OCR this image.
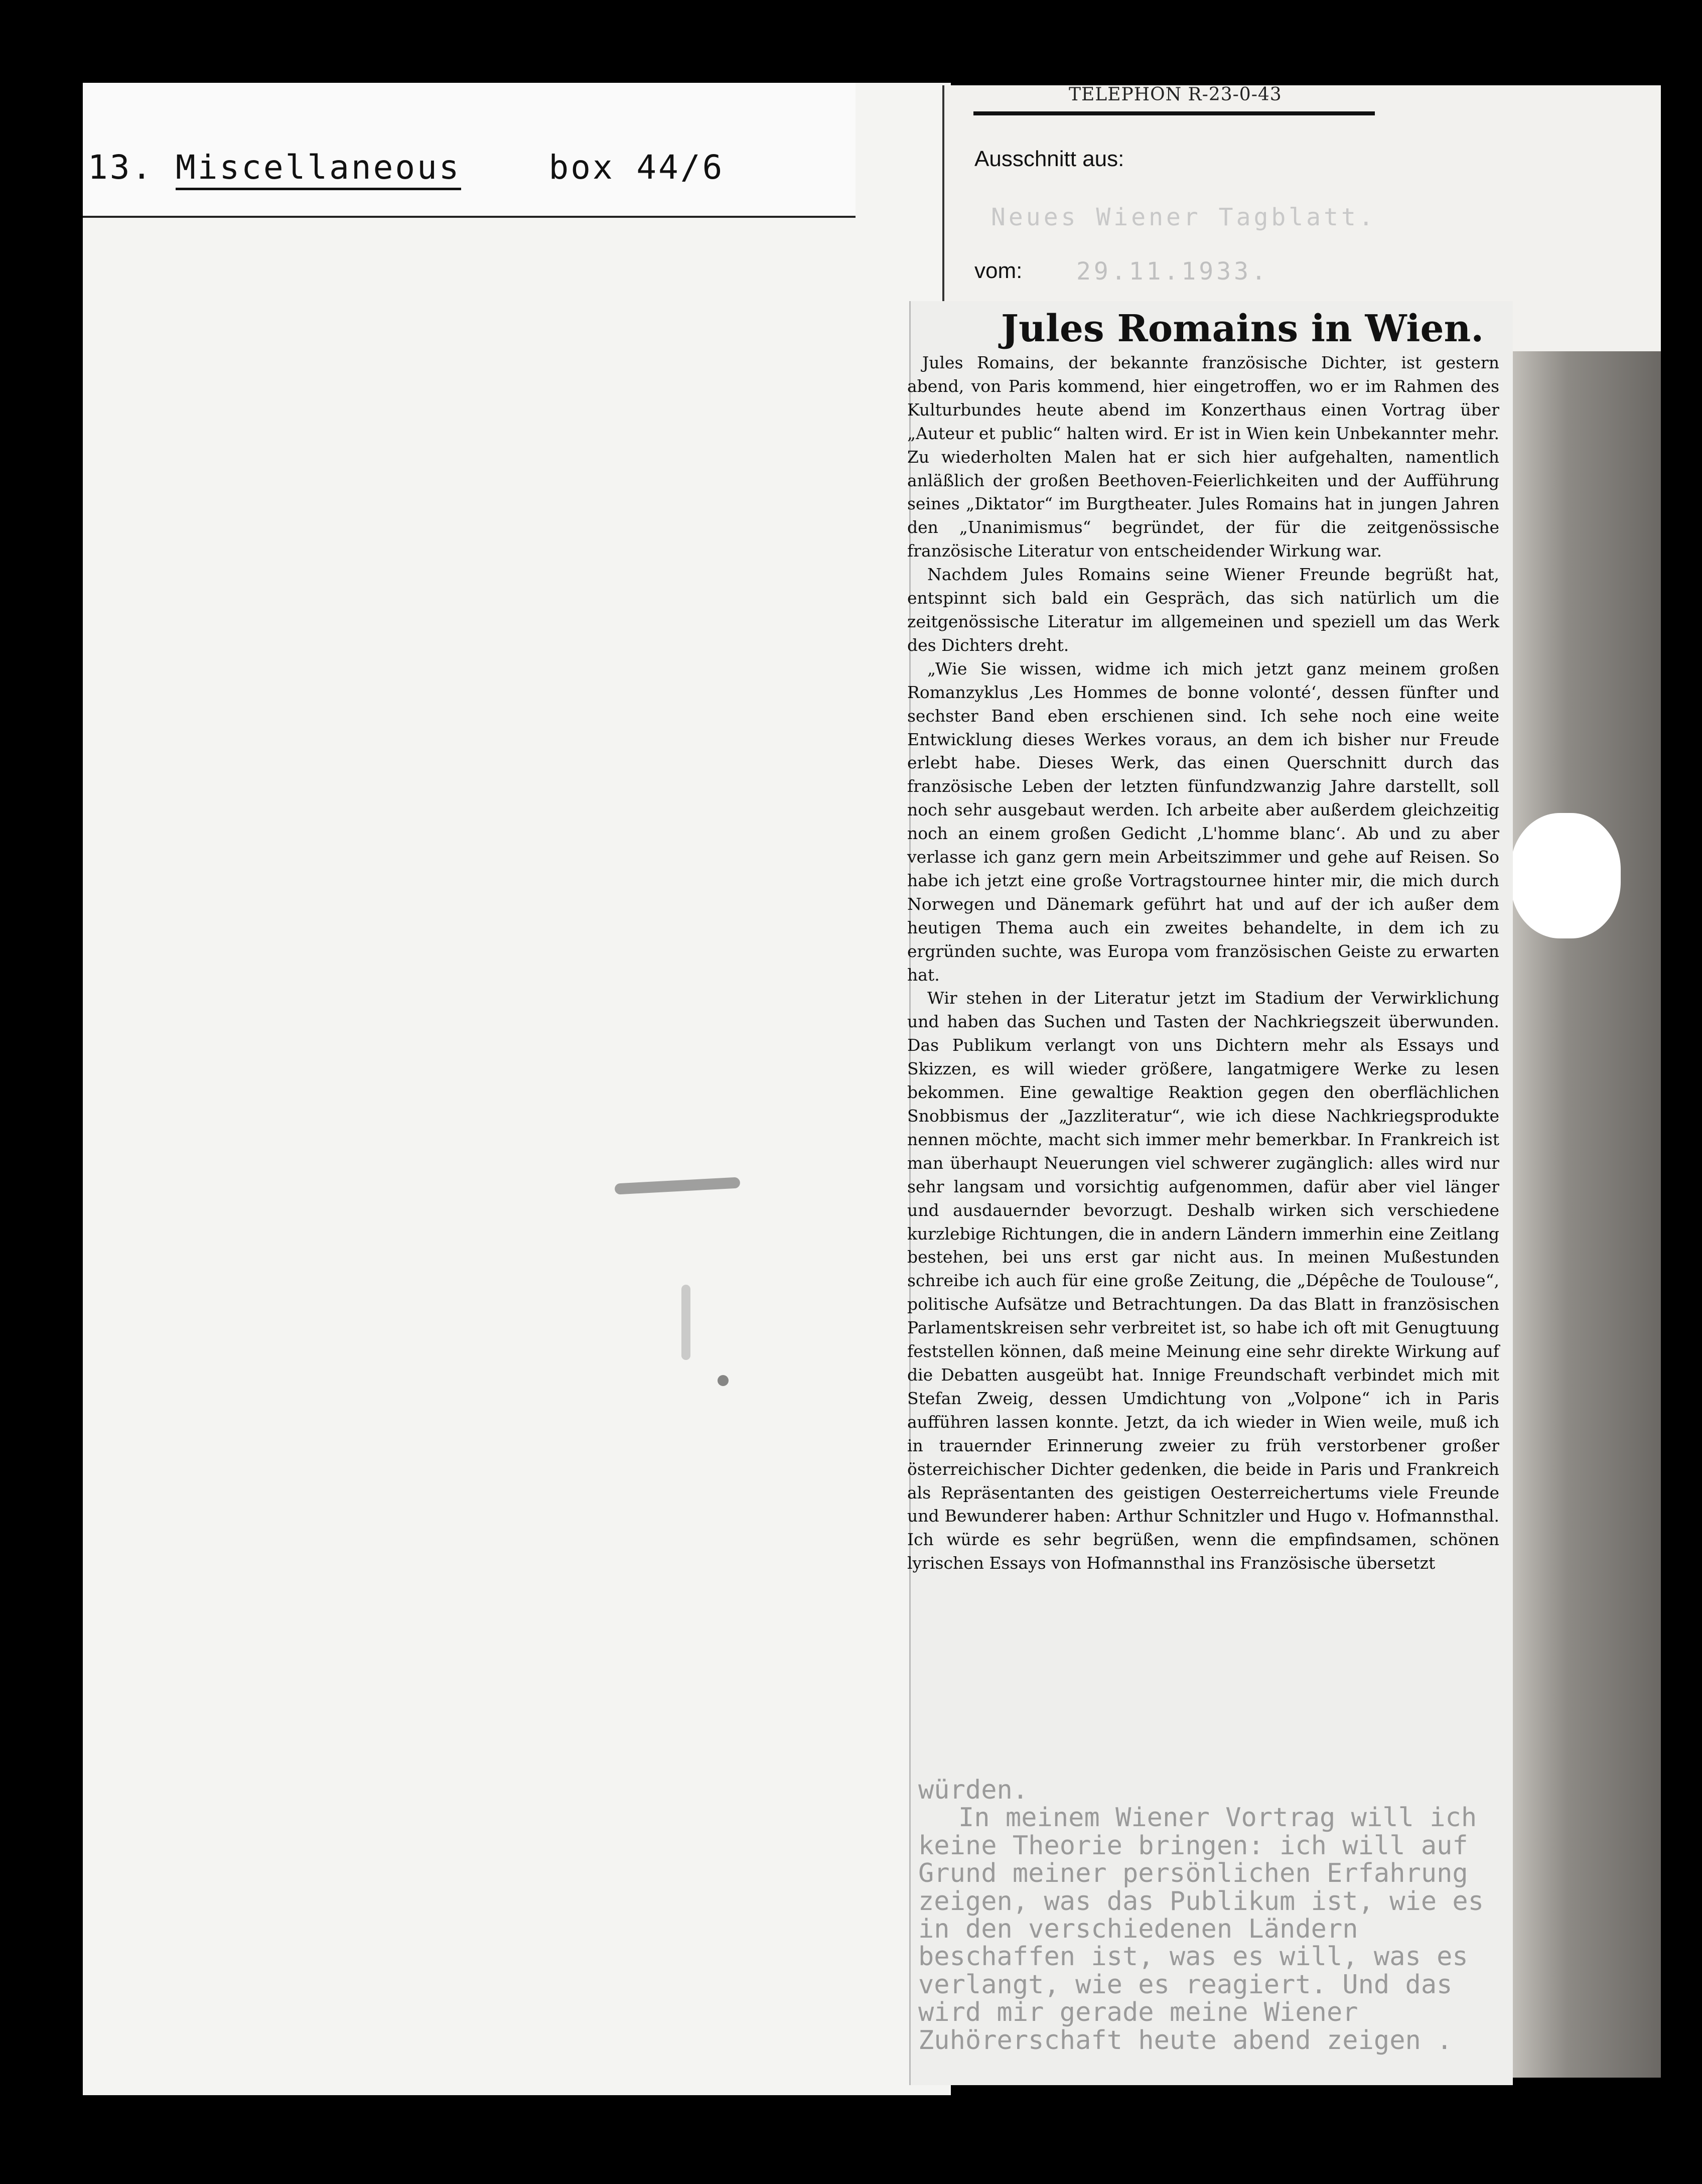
13. Miscellaneous	box 44/6
TELEPHON R-23-0-43
Ausschnitt aus:
Neues Wiener Tagblatt.
vom: 29.11.1933.
Jules Romains in Wien.

Jules Romains, der bekannte französische Dichter, ist gestern abend, von Paris kommend, hier eingetroffen, wo er im Rahmen des Kulturbundes heute abend im Konzerthaus einen Vortrag über „Auteur et public“ halten wird. Er ist in Wien kein Unbekannter mehr. Zu wiederholten Malen hat er sich hier aufgehalten, namentlich anläßlich der großen Beethoven-Feierlichkeiten und der Aufführung seines „Diktator“ im Burgtheater. Jules Romains hat in jungen Jahren den „Unanimismus“ begründet, der für die zeitgenössische französische Literatur von entscheidender Wirkung war.

Nachdem Jules Romains seine Wiener Freunde begrüßt hat, entspinnt sich bald ein Gespräch, das sich natürlich um die zeitgenössische Literatur im allgemeinen und speziell um das Werk des Dichters dreht.

„Wie Sie wissen, widme ich mich jetzt ganz meinem großen Romanzyklus ‚Les Hommes de bonne volonté‘, dessen fünfter und sechster Band eben erschienen sind. Ich sehe noch eine weite Entwicklung dieses Werkes voraus, an dem ich bisher nur Freude erlebt habe. Dieses Werk, das einen Querschnitt durch das französische Leben der letzten fünfundzwanzig Jahre darstellt, soll noch sehr ausgebaut werden. Ich arbeite aber außerdem gleichzeitig noch an einem großen Gedicht ‚L'homme blanc‘. Ab und zu aber verlasse ich ganz gern mein Arbeitszimmer und gehe auf Reisen. So habe ich jetzt eine große Vortragstournee hinter mir, die mich durch Norwegen und Dänemark geführt hat und auf der ich außer dem heutigen Thema auch ein zweites behandelte, in dem ich zu ergründen suchte, was Europa vom französischen Geiste zu erwarten hat.

Wir stehen in der Literatur jetzt im Stadium der Verwirklichung und haben das Suchen und Tasten der Nachkriegszeit überwunden. Das Publikum verlangt von uns Dichtern mehr als Essays und Skizzen, es will wieder größere, langatmigere Werke zu lesen bekommen. Eine gewaltige Reaktion gegen den oberflächlichen Snobbismus der „Jazzliteratur“, wie ich diese Nachkriegsprodukte nennen möchte, macht sich immer mehr bemerkbar. In Frankreich ist man überhaupt Neuerungen viel schwerer zugänglich: alles wird nur sehr langsam und vorsichtig aufgenommen, dafür aber viel länger und ausdauernder bevorzugt. Deshalb wirken sich verschiedene kurzlebige Richtungen, die in andern Ländern immerhin eine Zeitlang bestehen, bei uns erst gar nicht aus. In meinen Mußestunden schreibe ich auch für eine große Zeitung, die „Dépêche de Toulouse“, politische Aufsätze und Betrachtungen. Da das Blatt in französischen Parlamentskreisen sehr verbreitet ist, so habe ich oft mit Genugtuung feststellen können, daß meine Meinung eine sehr direkte Wirkung auf die Debatten ausgeübt hat. Innige Freundschaft verbindet mich mit Stefan Zweig, dessen Umdichtung von „Volpone“ ich in Paris aufführen lassen konnte. Jetzt, da ich wieder in Wien weile, muß ich in trauernder Erinnerung zweier zu früh verstorbener großer österreichischer Dichter gedenken, die beide in Paris und Frankreich als Repräsentanten des geistigen Oesterreichertums viele Freunde und Bewunderer haben: Arthur Schnitzler und Hugo v. Hofmannsthal. Ich würde es sehr begrüßen, wenn die empfindsamen, schönen lyrischen Essays von Hofmannsthal ins Französische übersetzt

würden.
In meinem Wiener Vortrag will ich keine Theorie bringen: ich will auf Grund meiner persönlichen Erfahrung zeigen, was das Publikum ist, wie es in den verschiedenen Ländern beschaffen ist, was es will, was es verlangt, wie es reagiert. Und das wird mir gerade meine Wiener Zuhörerschaft heute abend zeigen .
